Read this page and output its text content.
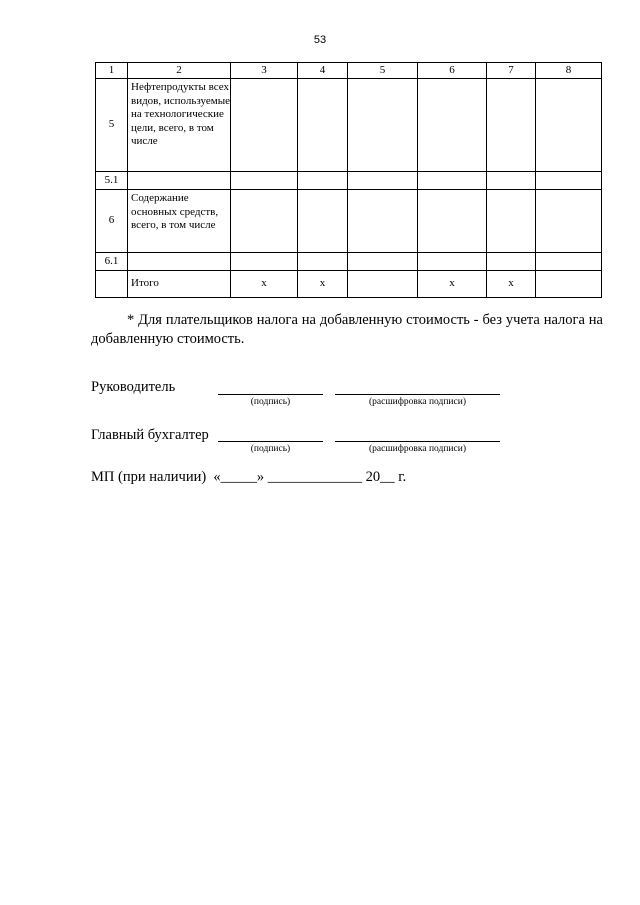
53
1	2	3	4	5	6	7	8
5	Нефтепродукты всех видов, используемые на технологические цели, всего, в том числе						
5.1							
6	Содержание основных средств, всего, в том числе						
6.1							
	Итого	х	х		х	х	
* Для плательщиков налога на добавленную стоимость - без учета налога на добавленную стоимость.
Руководитель
(подпись)	(расшифровка подписи)
Главный бухгалтер
(подпись)	(расшифровка подписи)
МП (при наличии)  «_____» _____________ 20__ г.
